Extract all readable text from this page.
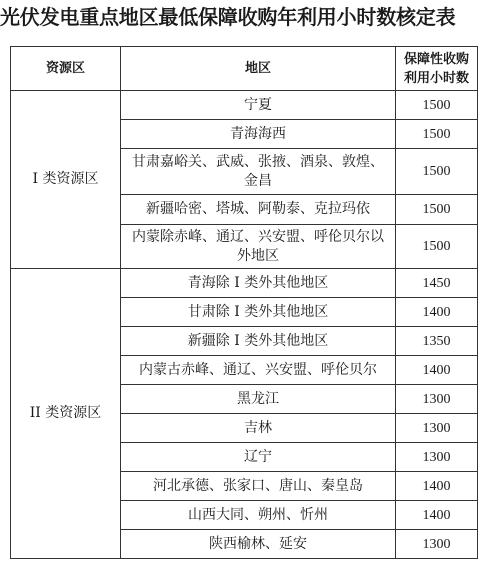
光伏发电重点地区最低保障收购年利用小时数核定表
资源区	地区	保障性收购
利用小时数

I 类资源区	宁夏	1500
	青海海西	1500
	甘肃嘉峪关、武威、张掖、酒泉、敦煌、金昌	1500
	新疆哈密、塔城、阿勒泰、克拉玛依	1500
	内蒙除赤峰、通辽、兴安盟、呼伦贝尔以外地区	1500
II 类资源区	青海除 I 类外其他地区	1450
	甘肃除 I 类外其他地区	1400
	新疆除 I 类外其他地区	1350
	内蒙古赤峰、通辽、兴安盟、呼伦贝尔	1400
	黑龙江	1300
	吉林	1300
	辽宁	1300
	河北承德、张家口、唐山、秦皇岛	1400
	山西大同、朔州、忻州	1400
	陕西榆林、延安	1300
